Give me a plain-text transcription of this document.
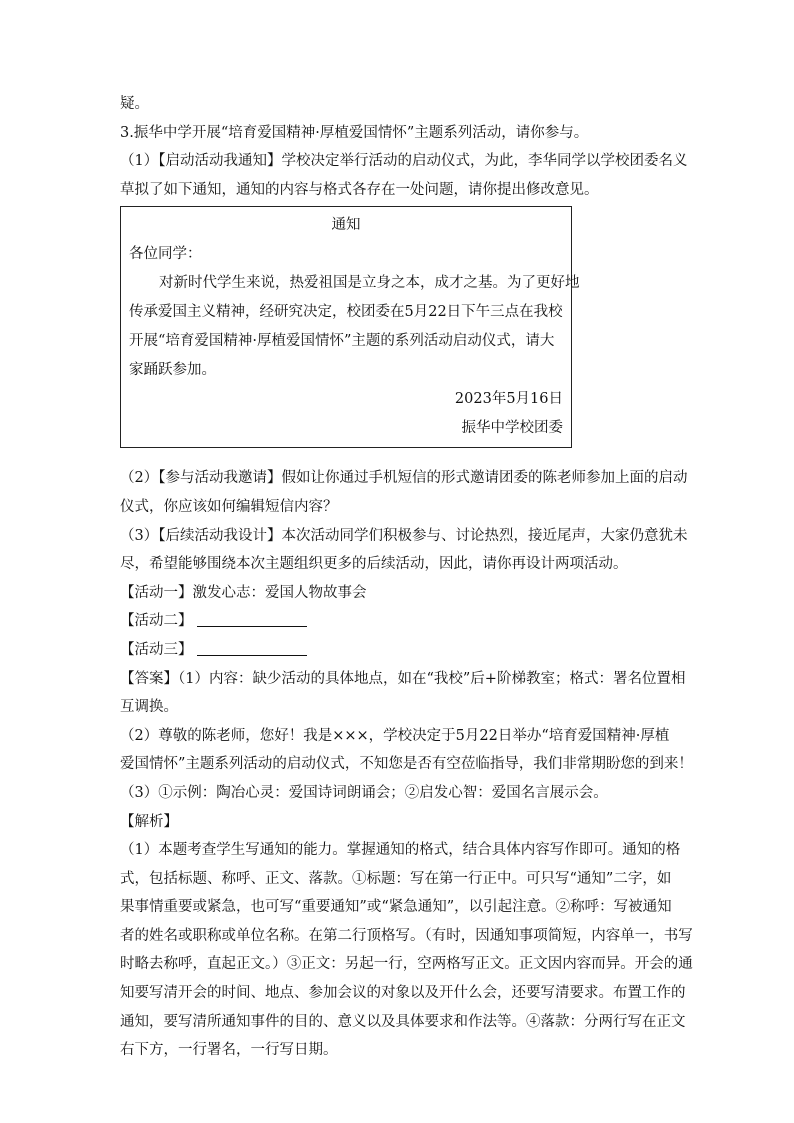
疑。
3.振华中学开展“培育爱国精神·厚植爱国情怀”主题系列活动，请你参与。
（1）【启动活动我通知】学校决定举行活动的启动仪式，为此，李华同学以学校团委名义
草拟了如下通知，通知的内容与格式各存在一处问题，请你提出修改意见。
通知
各位同学：
对新时代学生来说，热爱祖国是立身之本，成才之基。为了更好地
传承爱国主义精神，经研究决定，校团委在5月22日下午三点在我校
开展“培育爱国精神·厚植爱国情怀”主题的系列活动启动仪式，请大
家踊跃参加。
2023年5月16日
振华中学校团委
（2）【参与活动我邀请】假如让你通过手机短信的形式邀请团委的陈老师参加上面的启动
仪式，你应该如何编辑短信内容？
（3）【后续活动我设计】本次活动同学们积极参与、讨论热烈，接近尾声，大家仍意犹未
尽，希望能够围绕本次主题组织更多的后续活动，因此，请你再设计两项活动。
【活动一】激发心志：爱国人物故事会
【活动二】
【活动三】
【答案】（1）内容：缺少活动的具体地点，如在“我校”后+阶梯教室；格式：署名位置相
互调换。
（2）尊敬的陈老师，您好！我是×××，学校决定于5月22日举办“培育爱国精神·厚植
爱国情怀”主题系列活动的启动仪式，不知您是否有空莅临指导，我们非常期盼您的到来！
（3）①示例：陶冶心灵：爱国诗词朗诵会；②启发心智：爱国名言展示会。
【解析】
（1）本题考查学生写通知的能力。掌握通知的格式，结合具体内容写作即可。通知的格
式，包括标题、称呼、正文、落款。①标题：写在第一行正中。可只写“通知”二字，如
果事情重要或紧急，也可写“重要通知”或“紧急通知”，以引起注意。②称呼：写被通知
者的姓名或职称或单位名称。在第二行顶格写。（有时，因通知事项简短，内容单一，书写
时略去称呼，直起正文。）③正文：另起一行，空两格写正文。正文因内容而异。开会的通
知要写清开会的时间、地点、参加会议的对象以及开什么会，还要写清要求。布置工作的
通知，要写清所通知事件的目的、意义以及具体要求和作法等。④落款：分两行写在正文
右下方，一行署名，一行写日期。
